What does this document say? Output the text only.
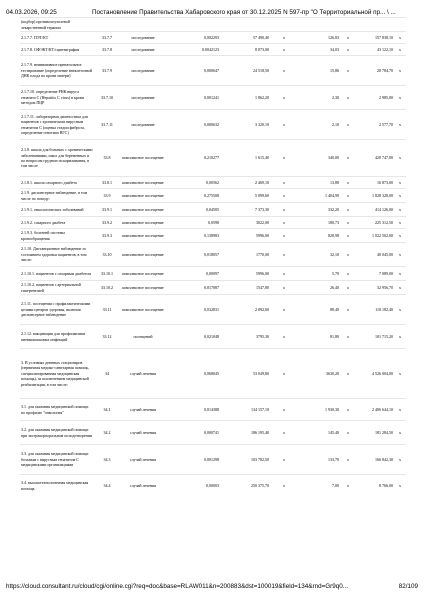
04.03.2026, 09:25	Постановление Правительства Хабаровского края от 30.12.2025 N 597-пр "О Территориальной пр... \ ...
(кодбор) противоопухолевой лекарственной терапии									
2.1.7.7. ПЭТ/КТ	33.7.7	исследование	0,002293	57 490,40	х	126,83	х	157 838,10	х
2.1.7.8. ОФЭКТ/КТ/сцинтиграфия	33.7.8	исследование	0,0042123	8 073,00	х	34,03	х	43 122,10	х
2.1.7.9. неинвазивное пренатальное тестирование (определение внеклеточной ДНК плода по крови матери)	33.7.9	исследование	0,000647	24 518,50	х	15,86	х	20 784,70	х
2.1.7.10. определение РНК вируса гепатита С (Hepatitis C virus) в крови методом ПЦР	33.7.10	исследование	0,001241	1 862,20	х	2,30	х	2 985,00	х
2.1.7.11. лабораторная диагностика для пациентов с хроническим вирусным гепатитом С (оценка стадии фиброза, определение генотипа ВГС)	33.7.11	исследование	0,000632	3 320,10	х	2,10	х	2 577,70	х
2.1.8. школа для больных с хроническими заболеваниями, школ для беременных и по вопросам грудного вскармливания, в том числе	33.8	комплексное посещение	0,210277	1 615,40	х	340,00	х	420 747,00	х
2.1.8.1. школа сахарного диабета	33.8.1	комплексное посещение	0,00562	2 469,10	х	13,88	х	16 873,00	х
2.1.9. диспансерное наблюдение, в том числе по поводу:	33.9	комплексное посещение	0,275508	5 099,60	х	1 404,99	х	1 828 328,00	х
2.1.9.1. онкологических заболеваний	33.9.1	комплексное посещение	0,04505	7 373,30	х	332,20	х	414 126,00	х
2.1.9.2. сахарного диабета	33.9.2	комплексное посещение	0,0598	3022,00	х	180,73	х	225 312,50	х
2.1.9.3. болезней системы кровообращения	33.9.3	комплексное посещение	0,138983	5996,00	х	828,98	х	1 022 502,00	х
2.1.10. Дистанционное наблюдение за состоянием здоровья пациентов, в том числе:	33.10	комплексное посещение	0,018057	1770,00	х	32,10	х	40 045,00	х
2.1.10.1. пациентов с сахарным диабетом	33.10.1	комплексное посещение	0,00097	5996,00	х	5,70	х	7 089,00	х
2.1.10.2. пациентов с артериальной гипертензией	33.10.2	комплексное посещение	0,017087	1547,80	х	26,40	х	32 956,70	х
2.1.11. посещения с профилактическими целями центров здоровья, включая диспансерное наблюдение	33.11	комплексное посещение	0,032831	2 092,00	х	88,40	х	110 182,40	х
2.1.12. вакцинация для профилактики пневмококковых инфекций	33.12	посещений	0,021048	3795,30	х	81,80	х	101 715,20	х
3. В условиях дневных стационаров (первичная медико-санитарная помощь, специализированная медицинская помощь), за исключением медицинской реабилитации, в том числе:	34	случай лечения	0,068045	53 049,80	х	3630,20	х	4 526 004,00	х
3.1. для оказания медицинской помощи по профилю "онкология"	34.1	случай лечения	0,014388	134 157,10	х	1 930,30	х	2 406 644,10	х
3.2. для оказания медицинской помощи при экстракорпоральном оплодотворении	34.2	случай лечения	0,000741	186 195,40	х	145,40	х	181 284,50	х
3.3. для оказания медицинской помощи больным с вирусным гепатитом С медицинскими организациями	34.3	случай лечения	0,001298	103 782,50	х	133,70	х	166 842,30	х
3.4. высокотехнологичная медицинская помощь	34.4	случай лечения	0,00003	250 375,70	х	7,00	х	8 766,00	х
https://cloud.consultant.ru/cloud/cgi/online.cgi?req=doc&base=RLAW011&n=200883&dst=100019&field=134&rnd=Gr9q0...	82/109
